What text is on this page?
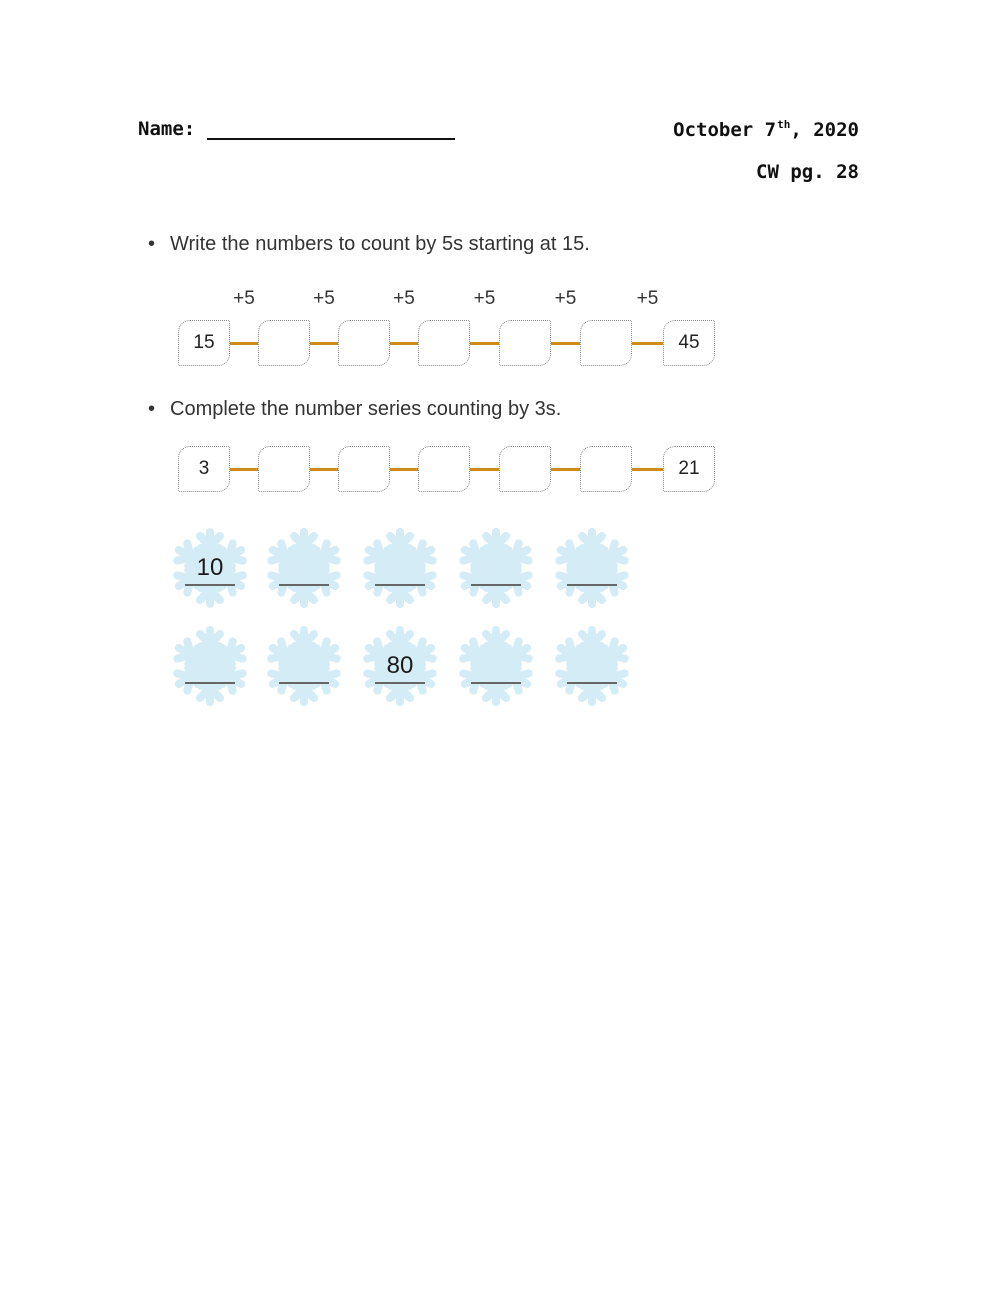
Name:	October 7th, 2020
CW pg. 28
• Write the numbers to count by 5s starting at 15.
+5	+5	+5	+5	+5	+5
15	45
• Complete the number series counting by 3s.
3	21
10
80
